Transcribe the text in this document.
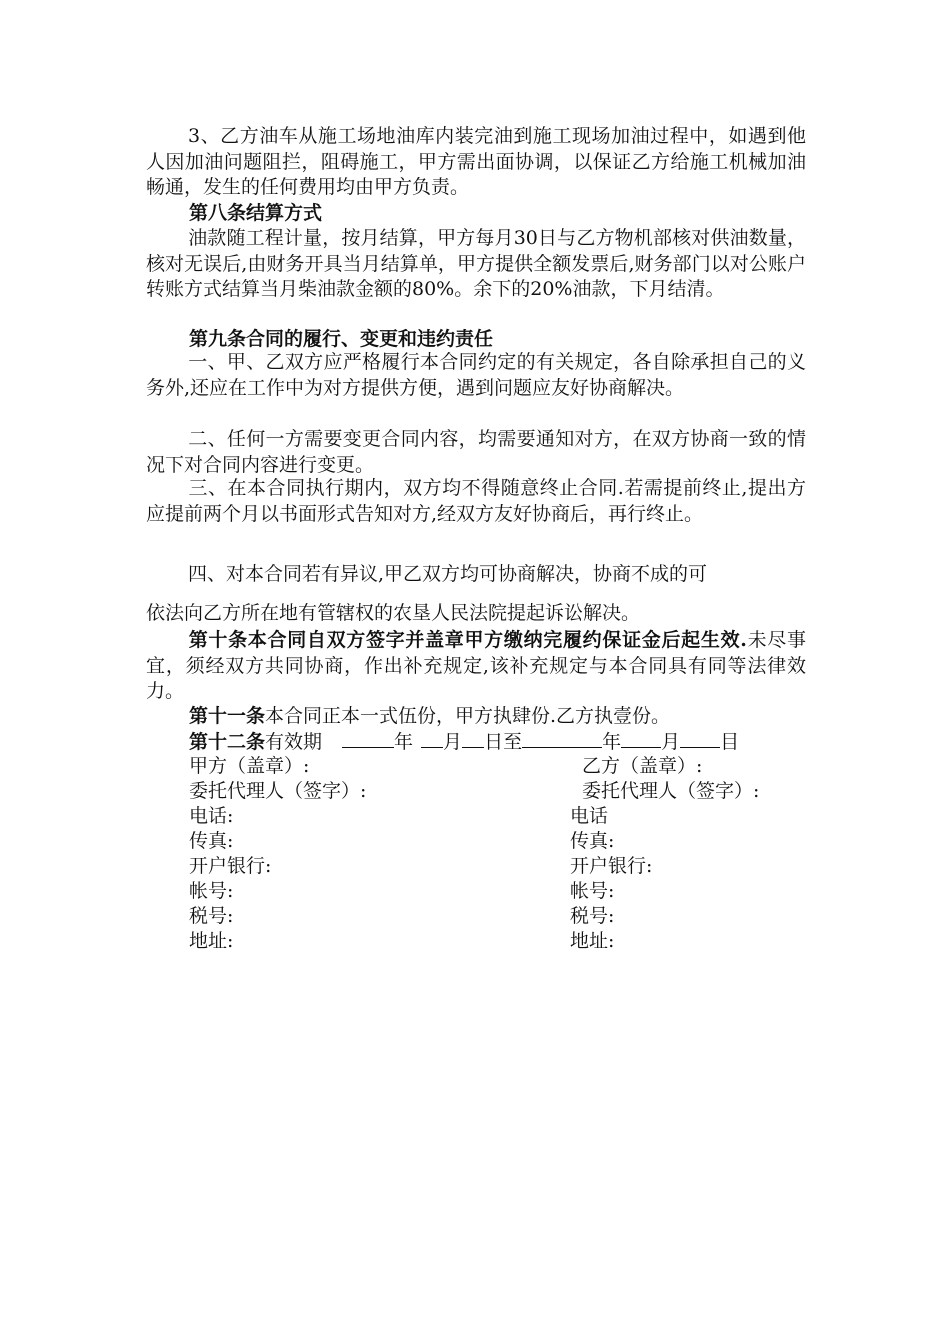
3、乙方油车从施工场地油库内装完油到施工现场加油过程中，如遇到他人因加油问题阻拦，阻碍施工，甲方需出面协调，以保证乙方给施工机械加油畅通，发生的任何费用均由甲方负责。
第八条结算方式
油款随工程计量，按月结算，甲方每月30日与乙方物机部核对供油数量，核对无误后,由财务开具当月结算单，甲方提供全额发票后,财务部门以对公账户转账方式结算当月柴油款金额的80%。余下的20%油款，下月结清。
第九条合同的履行、变更和违约责任
一、甲、乙双方应严格履行本合同约定的有关规定，各自除承担自己的义务外,还应在工作中为对方提供方便，遇到问题应友好协商解决。
二、任何一方需要变更合同内容，均需要通知对方，在双方协商一致的情况下对合同内容进行变更。
三、在本合同执行期内，双方均不得随意终止合同.若需提前终止,提出方应提前两个月以书面形式告知对方,经双方友好协商后，再行终止。
四、对本合同若有异议,甲乙双方均可协商解决，协商不成的可
依法向乙方所在地有管辖权的农垦人民法院提起诉讼解决。
第十条本合同自双方签字并盖章甲方缴纳完履约保证金后起生效.未尽事宜，须经双方共同协商，作出补充规定,该补充规定与本合同具有同等法律效力。
第十一条本合同正本一式伍份，甲方执肆份.乙方执壹份。
第十二条有效期	年 月 日至	年 月 目
甲方（盖章）:
委托代理人（签字）:
电话:
传真:
开户银行:
帐号:
税号:
地址:
乙方（盖章）:
委托代理人（签字）:
电话
传真:
开户银行:
帐号:
税号:
地址:
